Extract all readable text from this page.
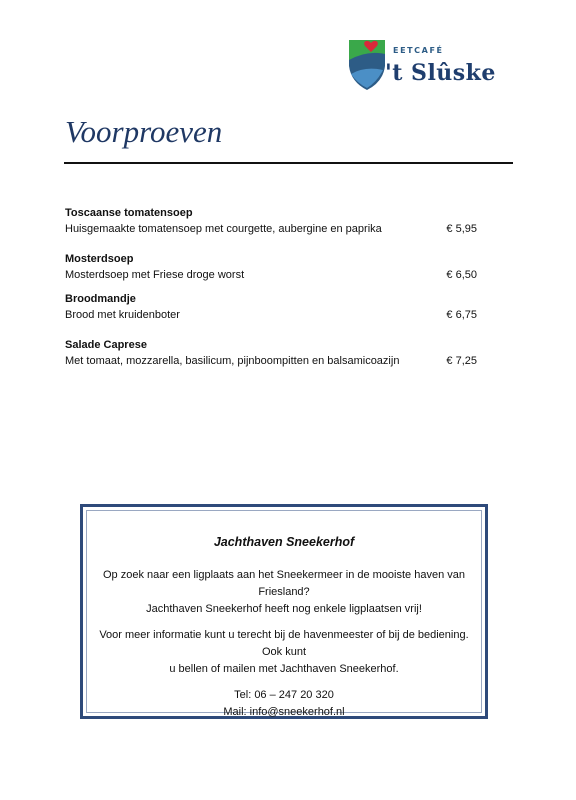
EETCAFÉ
't Slûske
Voorproeven
Toscaanse tomatensoep
Huisgemaakte tomatensoep met courgette, aubergine en paprika	€ 5,95
Mosterdsoep
Mosterdsoep met Friese droge worst	€ 6,50
Broodmandje
Brood met kruidenboter	€ 6,75
Salade Caprese
Met tomaat, mozzarella, basilicum, pijnboompitten en balsamicoazijn	€ 7,25
Jachthaven Sneekerhof
Op zoek naar een ligplaats aan het Sneekermeer in de mooiste haven van Friesland?
Jachthaven Sneekerhof heeft nog enkele ligplaatsen vrij!
Voor meer informatie kunt u terecht bij de havenmeester of bij de bediening. Ook kunt
u bellen of mailen met Jachthaven Sneekerhof.
Tel: 06 – 247 20 320
Mail: info@sneekerhof.nl
